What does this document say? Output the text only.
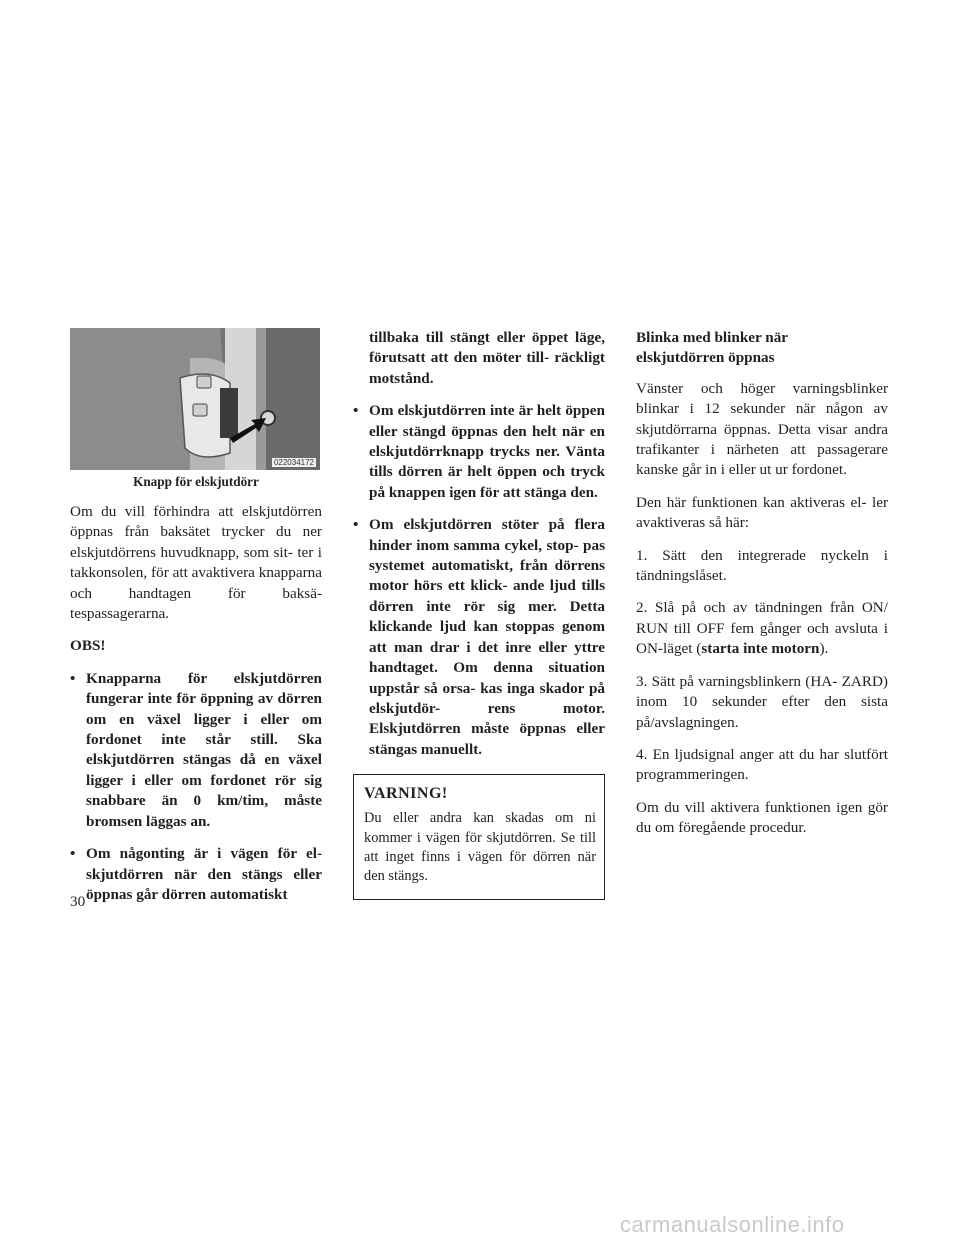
022034172
Knapp för elskjutdörr

Om du vill förhindra att elskjutdörren öppnas från baksätet trycker du ner elskjutdörrens huvudknapp, som sit- ter i takkonsolen, för att avaktivera knapparna och handtagen för baksä- tespassagerarna.

OBS!

• Knapparna för elskjutdörren fungerar inte för öppning av dörren om en växel ligger i eller om fordonet inte står still. Ska elskjutdörren stängas då en växel ligger i eller om fordonet rör sig snabbare än 0 km/tim, måste bromsen läggas an.
• Om någonting är i vägen för el- skjutdörren när den stängs eller öppnas går dörren automatiskt
tillbaka till stängt eller öppet läge, förutsatt att den möter till- räckligt motstånd.
• Om elskjutdörren inte är helt öppen eller stängd öppnas den helt när en elskjutdörrknapp trycks ner. Vänta tills dörren är helt öppen och tryck på knappen igen för att stänga den.
• Om elskjutdörren stöter på flera hinder inom samma cykel, stop- pas systemet automatiskt, från dörrens motor hörs ett klick- ande ljud tills dörren inte rör sig mer. Detta klickande ljud kan stoppas genom att man drar i det inre eller yttre handtaget. Om denna situation uppstår så orsa- kas inga skador på elskjutdör- rens motor. Elskjutdörren måste öppnas eller stängas manuellt.
VARNING!

Du eller andra kan skadas om ni kommer i vägen för skjutdörren. Se till att inget finns i vägen för dörren när den stängs.

Blinka med blinker när
elskjutdörren öppnas

Vänster och höger varningsblinker blinkar i 12 sekunder när någon av skjutdörrarna öppnas. Detta visar andra trafikanter i närheten att passagerare kanske går in i eller ut ur fordonet.

Den här funktionen kan aktiveras el- ler avaktiveras så här:

1. Sätt den integrerade nyckeln i tändningslåset.

2. Slå på och av tändningen från ON/ RUN till OFF fem gånger och avsluta i ON-läget (starta inte motorn).

3. Sätt på varningsblinkern (HA- ZARD) inom 10 sekunder efter den sista på/avslagningen.

4. En ljudsignal anger att du har slutfört programmeringen.

Om du vill aktivera funktionen igen gör du om föregående procedur.

30
carmanualsonline.info
